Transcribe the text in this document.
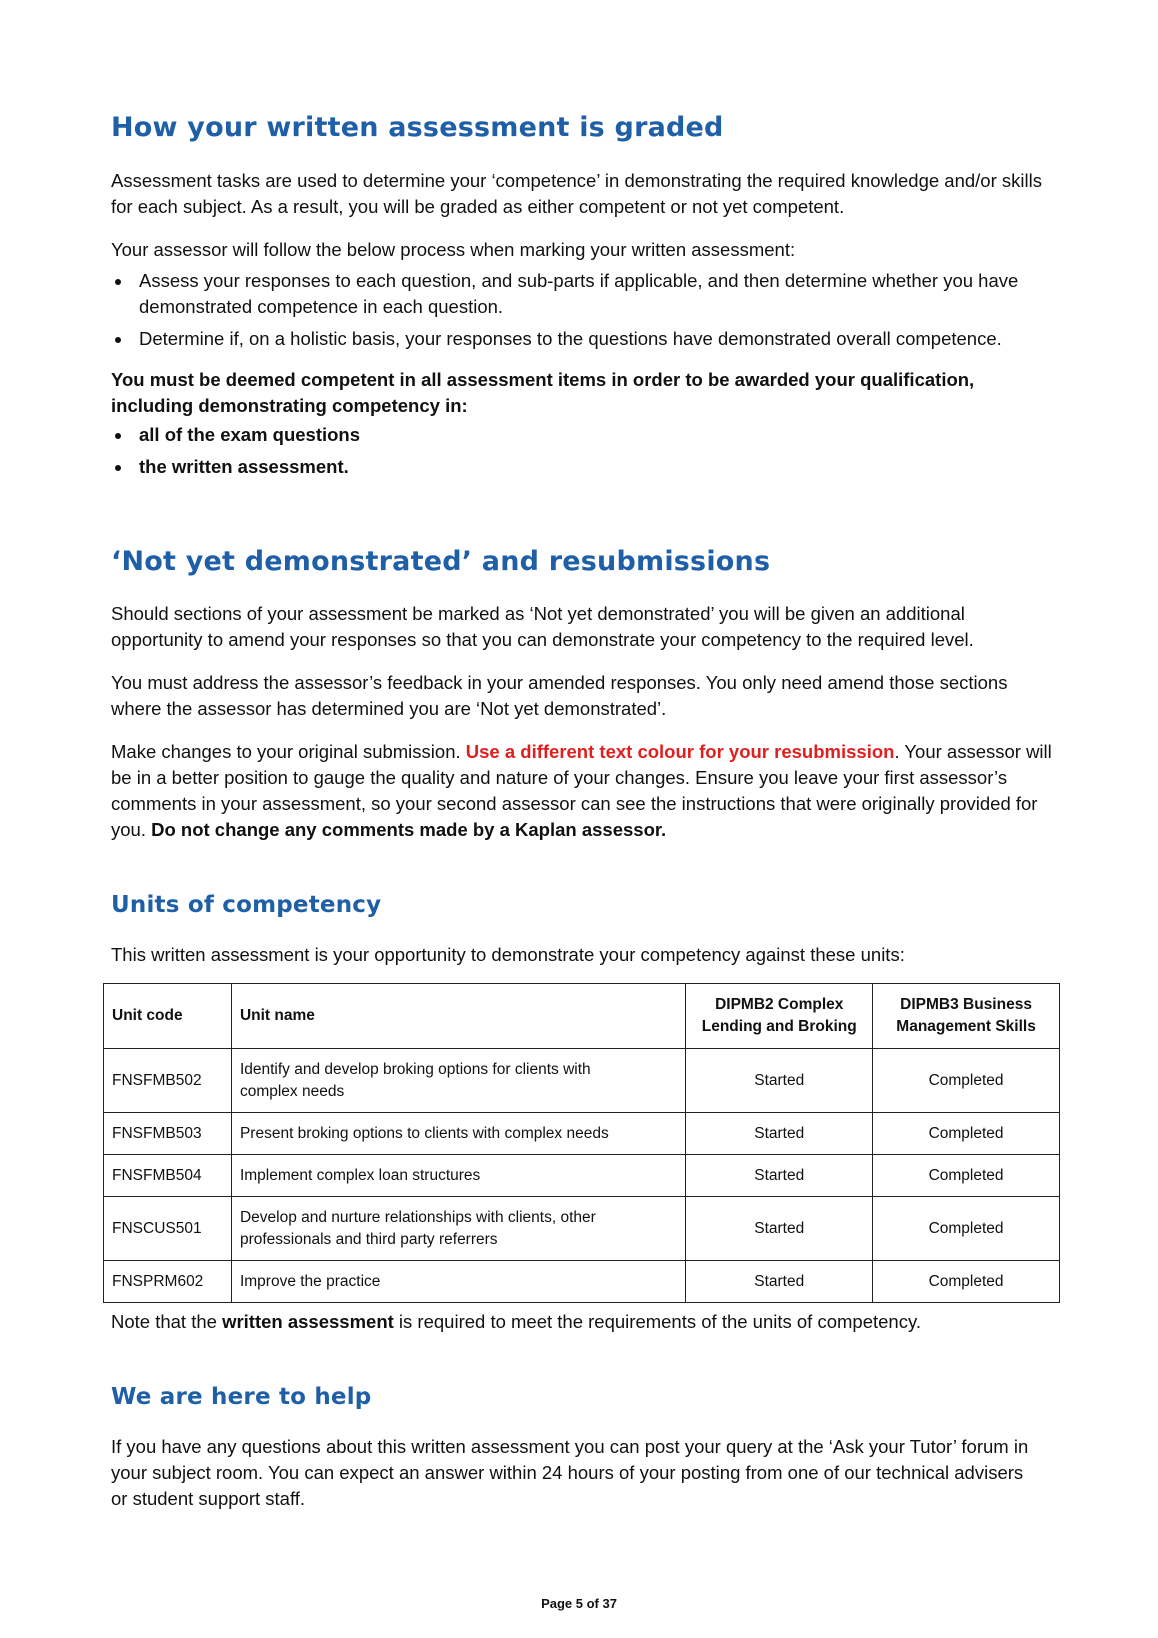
How your written assessment is graded

Assessment tasks are used to determine your ‘competence’ in demonstrating the required knowledge and/or skills for each subject. As a result, you will be graded as either competent or not yet competent.

Your assessor will follow the below process when marking your written assessment:

Assess your responses to each question, and sub-parts if applicable, and then determine whether you have demonstrated competence in each question.
Determine if, on a holistic basis, your responses to the questions have demonstrated overall competence.

You must be deemed competent in all assessment items in order to be awarded your qualification, including demonstrating competency in:

all of the exam questions
the written assessment.
‘Not yet demonstrated’ and resubmissions

Should sections of your assessment be marked as ‘Not yet demonstrated’ you will be given an additional opportunity to amend your responses so that you can demonstrate your competency to the required level.

You must address the assessor’s feedback in your amended responses. You only need amend those sections where the assessor has determined you are ‘Not yet demonstrated’.

Make changes to your original submission. Use a different text colour for your resubmission. Your assessor will be in a better position to gauge the quality and nature of your changes. Ensure you leave your first assessor’s comments in your assessment, so your second assessor can see the instructions that were originally provided for you. Do not change any comments made by a Kaplan assessor.

Units of competency

This written assessment is your opportunity to demonstrate your competency against these units:

Unit code	Unit name	DIPMB2 Complex Lending and Broking	DIPMB3 Business Management Skills
FNSFMB502	Identify and develop broking options for clients with complex needs	Started	Completed
FNSFMB503	Present broking options to clients with complex needs	Started	Completed
FNSFMB504	Implement complex loan structures	Started	Completed
FNSCUS501	Develop and nurture relationships with clients, other professionals and third party referrers	Started	Completed
FNSPRM602	Improve the practice	Started	Completed

Note that the written assessment is required to meet the requirements of the units of competency.

We are here to help

If you have any questions about this written assessment you can post your query at the ‘Ask your Tutor’ forum in your subject room. You can expect an answer within 24 hours of your posting from one of our technical advisers or student support staff.

Page 5 of 37
